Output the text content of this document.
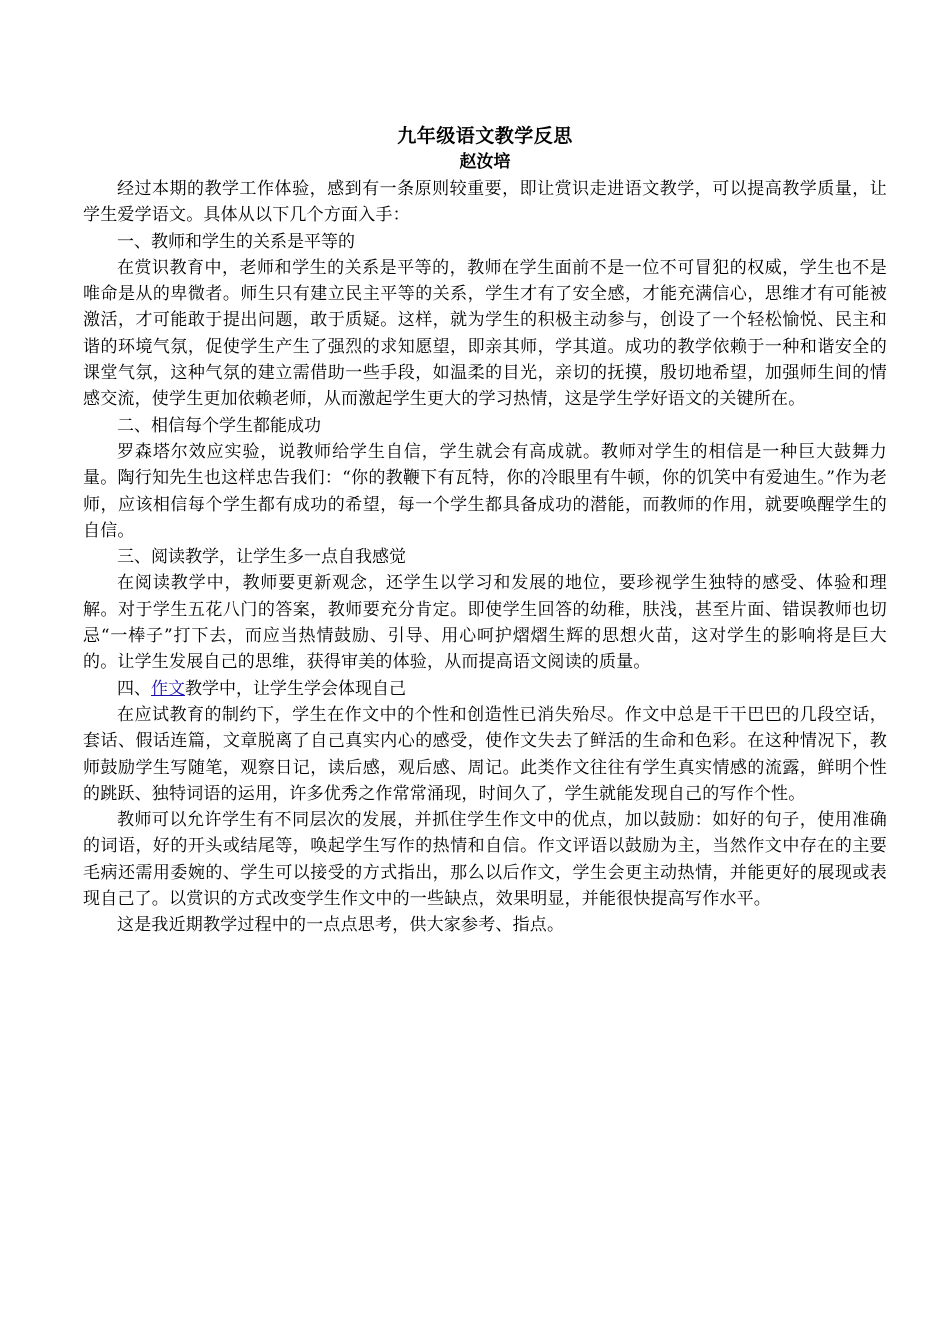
九年级语文教学反思
赵汝培

经过本期的教学工作体验，感到有一条原则较重要，即让赏识走进语文教学，可以提高教学质量，让学生爱学语文。具体从以下几个方面入手：

一、教师和学生的关系是平等的

在赏识教育中，老师和学生的关系是平等的，教师在学生面前不是一位不可冒犯的权威，学生也不是唯命是从的卑微者。师生只有建立民主平等的关系，学生才有了安全感，才能充满信心，思维才有可能被激活，才可能敢于提出问题，敢于质疑。这样，就为学生的积极主动参与，创设了一个轻松愉悦、民主和谐的环境气氛，促使学生产生了强烈的求知愿望，即亲其师，学其道。成功的教学依赖于一种和谐安全的课堂气氛，这种气氛的建立需借助一些手段，如温柔的目光，亲切的抚摸，殷切地希望，加强师生间的情感交流，使学生更加依赖老师，从而激起学生更大的学习热情，这是学生学好语文的关键所在。

二、相信每个学生都能成功

罗森塔尔效应实验，说教师给学生自信，学生就会有高成就。教师对学生的相信是一种巨大鼓舞力量。陶行知先生也这样忠告我们：“你的教鞭下有瓦特，你的冷眼里有牛顿，你的饥笑中有爱迪生。”作为老师，应该相信每个学生都有成功的希望，每一个学生都具备成功的潜能，而教师的作用，就要唤醒学生的自信。

三、阅读教学，让学生多一点自我感觉

在阅读教学中，教师要更新观念，还学生以学习和发展的地位，要珍视学生独特的感受、体验和理解。对于学生五花八门的答案，教师要充分肯定。即使学生回答的幼稚，肤浅，甚至片面、错误教师也切忌“一棒子”打下去，而应当热情鼓励、引导、用心呵护熠熠生辉的思想火苗，这对学生的影响将是巨大的。让学生发展自己的思维，获得审美的体验，从而提高语文阅读的质量。

四、作文教学中，让学生学会体现自己

在应试教育的制约下，学生在作文中的个性和创造性已消失殆尽。作文中总是干干巴巴的几段空话，套话、假话连篇，文章脱离了自己真实内心的感受，使作文失去了鲜活的生命和色彩。在这种情况下，教师鼓励学生写随笔，观察日记，读后感，观后感、周记。此类作文往往有学生真实情感的流露，鲜明个性的跳跃、独特词语的运用，许多优秀之作常常涌现，时间久了，学生就能发现自己的写作个性。

教师可以允许学生有不同层次的发展，并抓住学生作文中的优点，加以鼓励：如好的句子，使用准确的词语，好的开头或结尾等，唤起学生写作的热情和自信。作文评语以鼓励为主，当然作文中存在的主要毛病还需用委婉的、学生可以接受的方式指出，那么以后作文，学生会更主动热情，并能更好的展现或表现自己了。以赏识的方式改变学生作文中的一些缺点，效果明显，并能很快提高写作水平。

这是我近期教学过程中的一点点思考，供大家参考、指点。
